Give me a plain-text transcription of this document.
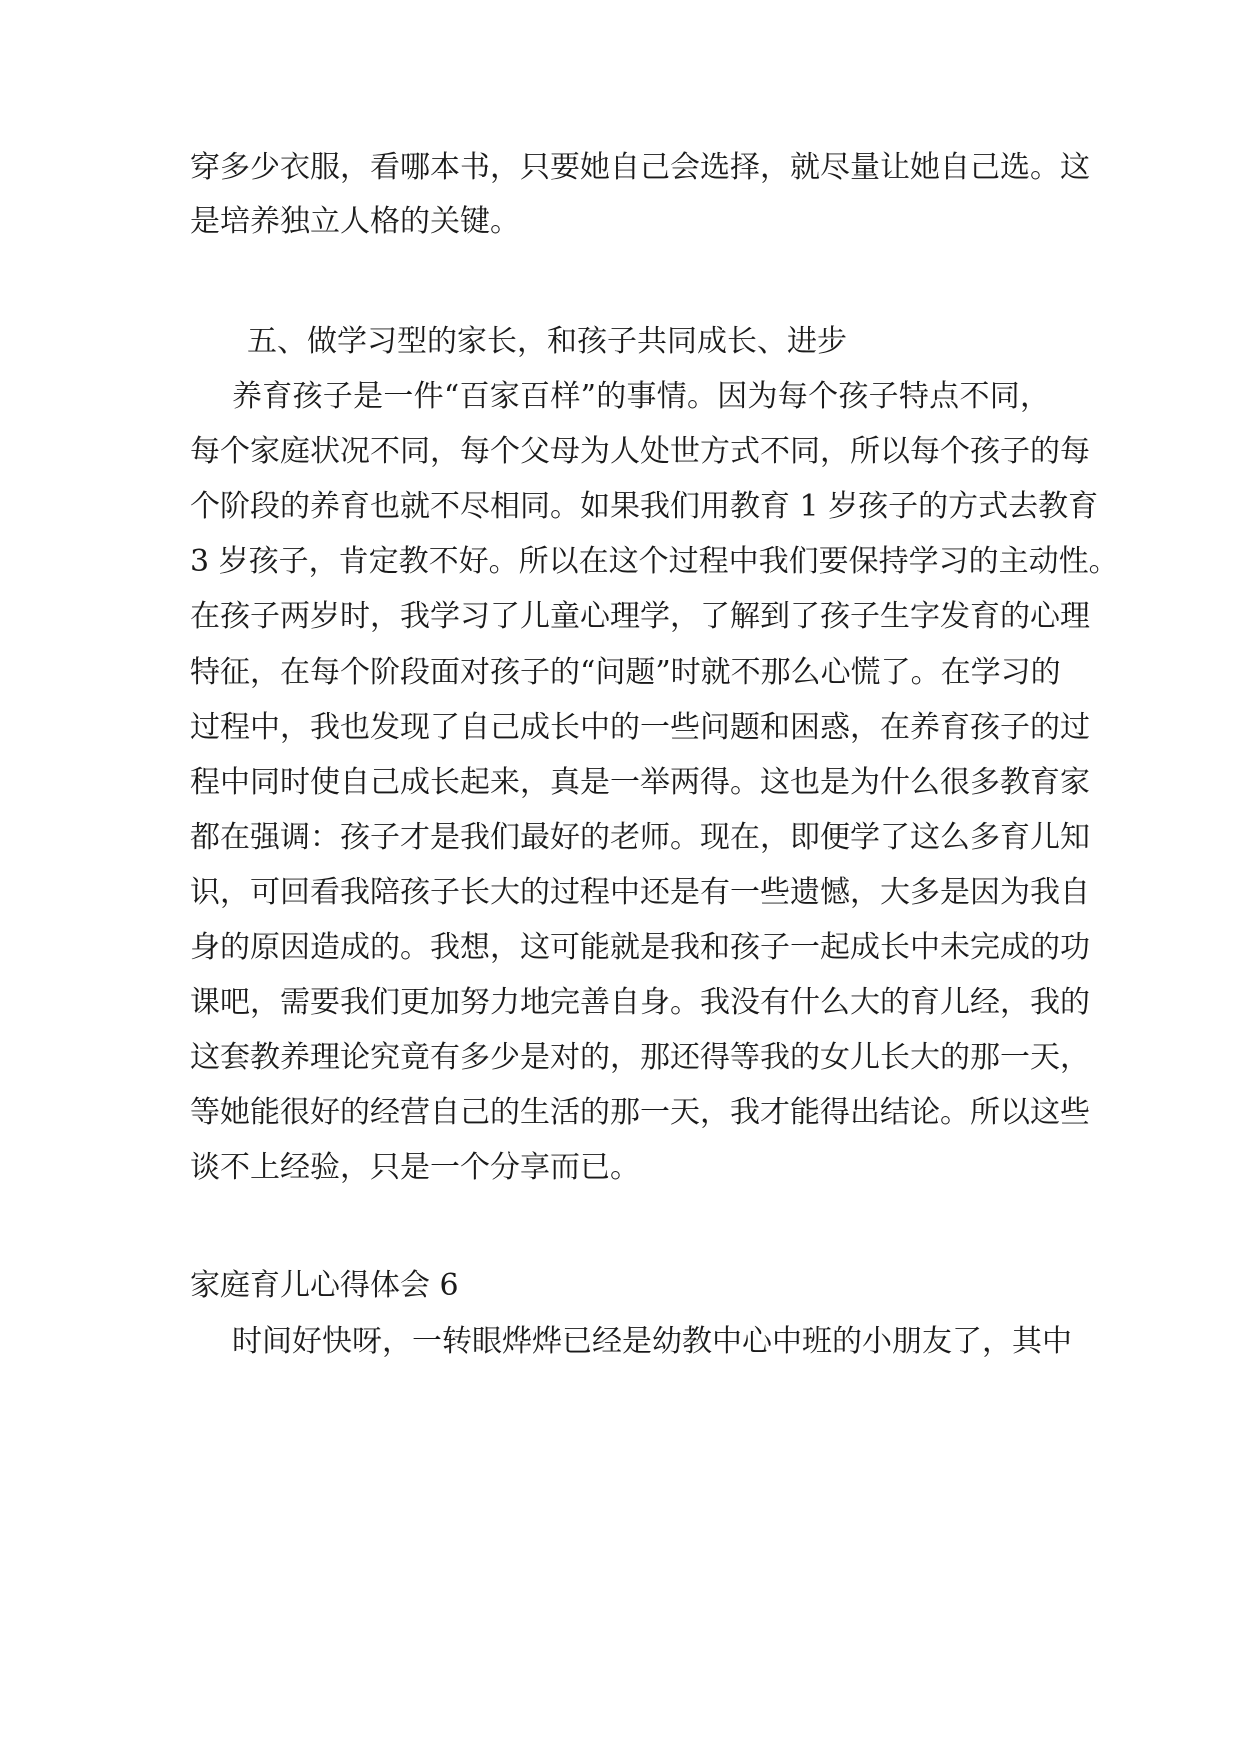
穿多少衣服，看哪本书，只要她自己会选择，就尽量让她自己选。这
是培养独立人格的关键。
五、做学习型的家长，和孩子共同成长、进步
养育孩子是一件“百家百样”的事情。因为每个孩子特点不同，
每个家庭状况不同，每个父母为人处世方式不同，所以每个孩子的每
个阶段的养育也就不尽相同。如果我们用教育 1 岁孩子的方式去教育
3 岁孩子，肯定教不好。所以在这个过程中我们要保持学习的主动性。
在孩子两岁时，我学习了儿童心理学，了解到了孩子生字发育的心理
特征，在每个阶段面对孩子的“问题”时就不那么心慌了。在学习的
过程中，我也发现了自己成长中的一些问题和困惑，在养育孩子的过
程中同时使自己成长起来，真是一举两得。这也是为什么很多教育家
都在强调：孩子才是我们最好的老师。现在，即便学了这么多育儿知
识，可回看我陪孩子长大的过程中还是有一些遗憾，大多是因为我自
身的原因造成的。我想，这可能就是我和孩子一起成长中未完成的功
课吧，需要我们更加努力地完善自身。我没有什么大的育儿经，我的
这套教养理论究竟有多少是对的，那还得等我的女儿长大的那一天，
等她能很好的经营自己的生活的那一天，我才能得出结论。所以这些
谈不上经验，只是一个分享而已。
家庭育儿心得体会 6
时间好快呀，一转眼烨烨已经是幼教中心中班的小朋友了，其中
